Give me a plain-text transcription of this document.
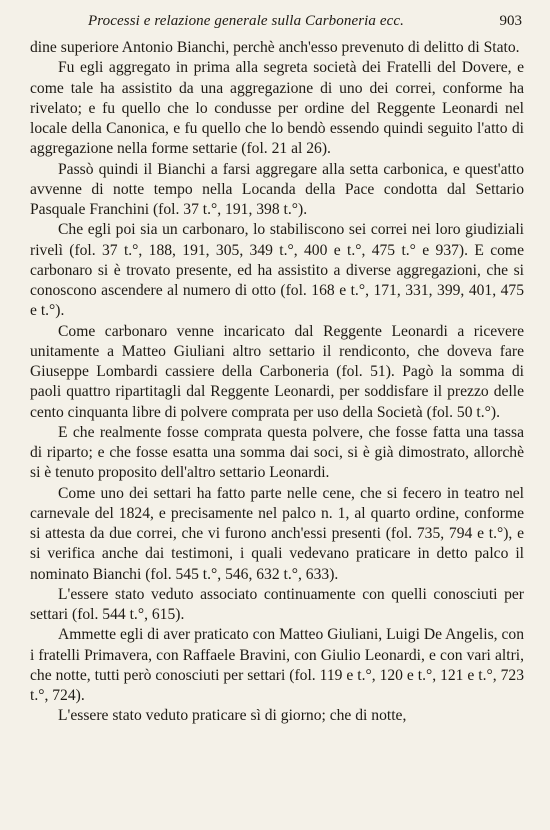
Processi e relazione generale sulla Carboneria ecc.	903

dine superiore Antonio Bianchi, perchè anch'esso prevenuto di delitto di Stato.

Fu egli aggregato in prima alla segreta società dei Fratelli del Dovere, e come tale ha assistito da una aggregazione di uno dei correi, conforme ha rivelato; e fu quello che lo condusse per ordine del Reggente Leonardi nel locale della Canonica, e fu quello che lo bendò essendo quindi seguito l'atto di aggregazione nella forme settarie (fol. 21 al 26).

Passò quindi il Bianchi a farsi aggregare alla setta carbonica, e quest'atto avvenne di notte tempo nella Locanda della Pace condotta dal Settario Pasquale Franchini (fol. 37 t.°, 191, 398 t.°).

Che egli poi sia un carbonaro, lo stabiliscono sei correi nei loro giudiziali rivelì (fol. 37 t.°, 188, 191, 305, 349 t.°, 400 e t.°, 475 t.° e 937). E come carbonaro si è trovato presente, ed ha assistito a diverse aggregazioni, che si conoscono ascendere al numero di otto (fol. 168 e t.°, 171, 331, 399, 401, 475 e t.°).

Come carbonaro venne incaricato dal Reggente Leonardi a ricevere unitamente a Matteo Giuliani altro settario il rendiconto, che doveva fare Giuseppe Lombardi cassiere della Carboneria (fol. 51). Pagò la somma di paoli quattro ripartitagli dal Reggente Leonardi, per soddisfare il prezzo delle cento cinquanta libre di polvere comprata per uso della Società (fol. 50 t.°).

E che realmente fosse comprata questa polvere, che fosse fatta una tassa di riparto; e che fosse esatta una somma dai soci, si è già dimostrato, allorchè si è tenuto proposito dell'altro settario Leonardi.

Come uno dei settari ha fatto parte nelle cene, che si fecero in teatro nel carnevale del 1824, e precisamente nel palco n. 1, al quarto ordine, conforme si attesta da due correi, che vi furono anch'essi presenti (fol. 735, 794 e t.°), e si verifica anche dai testimoni, i quali vedevano praticare in detto palco il nominato Bianchi (fol. 545 t.°, 546, 632 t.°, 633).

L'essere stato veduto associato continuamente con quelli conosciuti per settari (fol. 544 t.°, 615).

Ammette egli di aver praticato con Matteo Giuliani, Luigi De Angelis, con i fratelli Primavera, con Raffaele Bravini, con Giulio Leonardi, e con vari altri, che notte, tutti però conosciuti per settari (fol. 119 e t.°, 120 e t.°, 121 e t.°, 723 t.°, 724).

L'essere stato veduto praticare sì di giorno; che di notte,
